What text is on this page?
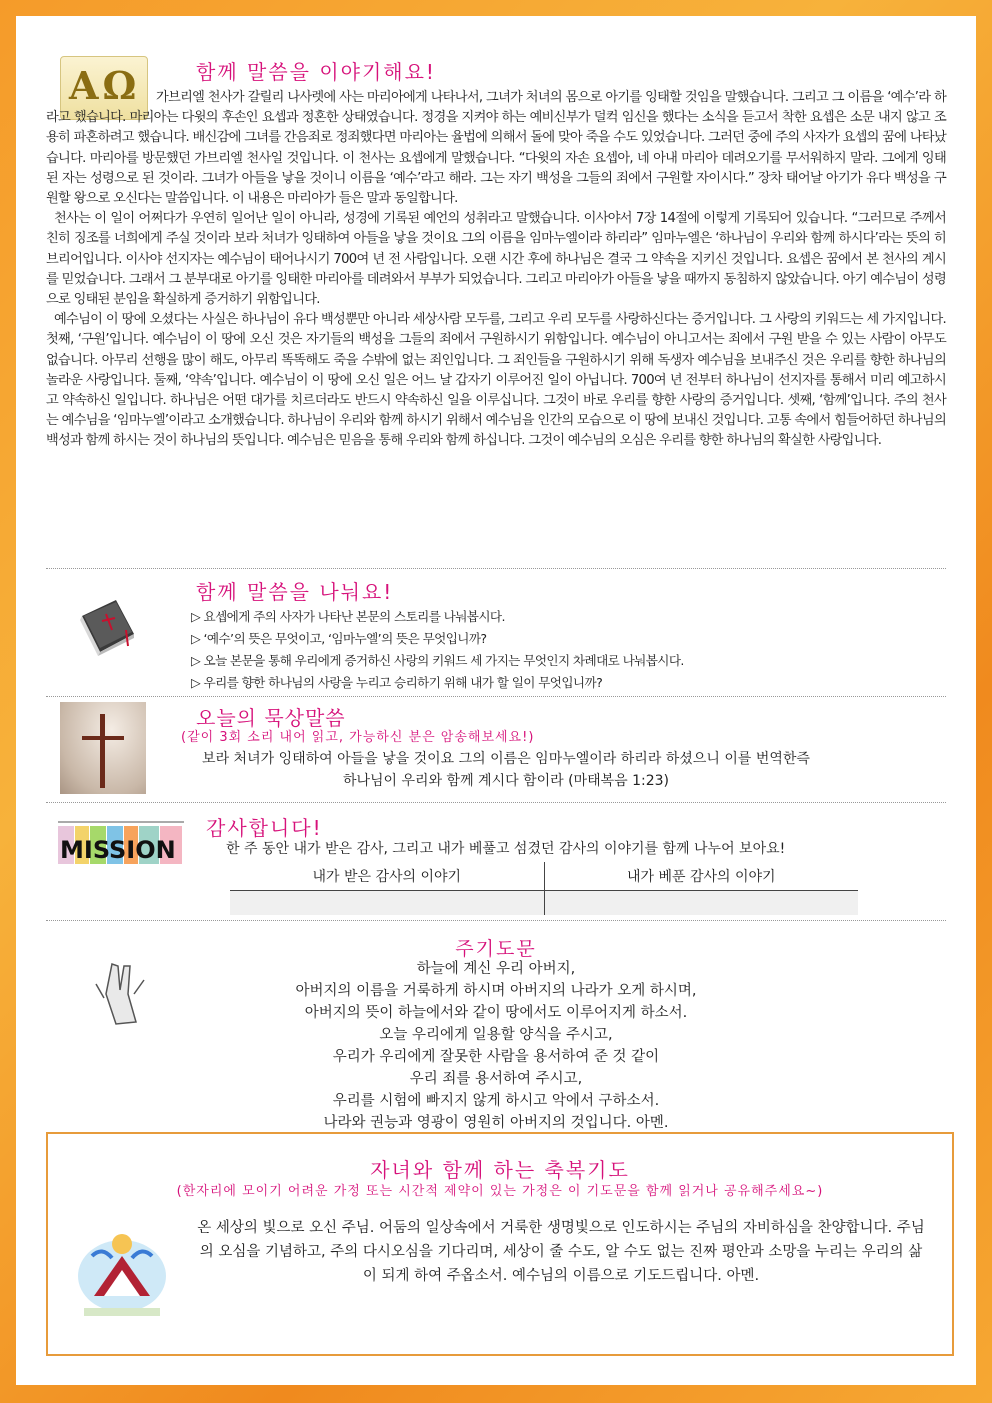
ΑΩ	함께 말씀을 이야기해요!
가브리엘 천사가 갈릴리 나사렛에 사는 마리아에게 나타나서, 그녀가 처녀의 몸으로 아기를 잉태할 것임을 말했습니다. 그리고 그 이름을 ‘예수’라 하라고 했습니다. 마리아는 다윗의 후손인 요셉과 정혼한 상태였습니다. 정경을 지켜야 하는 예비신부가 덜컥 임신을 했다는 소식을 듣고서 착한 요셉은 소문 내지 않고 조용히 파혼하려고 했습니다. 배신감에 그녀를 간음죄로 정죄했다면 마리아는 율법에 의해서 돌에 맞아 죽을 수도 있었습니다. 그러던 중에 주의 사자가 요셉의 꿈에 나타났습니다. 마리아를 방문했던 가브리엘 천사일 것입니다. 이 천사는 요셉에게 말했습니다. “다윗의 자손 요셉아, 네 아내 마리아 데려오기를 무서워하지 말라. 그에게 잉태된 자는 성령으로 된 것이라. 그녀가 아들을 낳을 것이니 이름을 ‘예수’라고 해라. 그는 자기 백성을 그들의 죄에서 구원할 자이시다.” 장차 태어날 아기가 유다 백성을 구원할 왕으로 오신다는 말씀입니다. 이 내용은 마리아가 들은 말과 동일합니다.
천사는 이 일이 어쩌다가 우연히 일어난 일이 아니라, 성경에 기록된 예언의 성취라고 말했습니다. 이사야서 7장 14절에 이렇게 기록되어 있습니다. “그러므로 주께서 친히 징조를 너희에게 주실 것이라 보라 처녀가 잉태하여 아들을 낳을 것이요 그의 이름을 임마누엘이라 하리라” 임마누엘은 ‘하나님이 우리와 함께 하시다’라는 뜻의 히브리어입니다. 이사야 선지자는 예수님이 태어나시기 700여 년 전 사람입니다. 오랜 시간 후에 하나님은 결국 그 약속을 지키신 것입니다. 요셉은 꿈에서 본 천사의 계시를 믿었습니다. 그래서 그 분부대로 아기를 잉태한 마리아를 데려와서 부부가 되었습니다. 그리고 마리아가 아들을 낳을 때까지 동침하지 않았습니다. 아기 예수님이 성령으로 잉태된 분임을 확실하게 증거하기 위함입니다.
예수님이 이 땅에 오셨다는 사실은 하나님이 유다 백성뿐만 아니라 세상사람 모두를, 그리고 우리 모두를 사랑하신다는 증거입니다. 그 사랑의 키워드는 세 가지입니다. 첫째, ‘구원’입니다. 예수님이 이 땅에 오신 것은 자기들의 백성을 그들의 죄에서 구원하시기 위함입니다. 예수님이 아니고서는 죄에서 구원 받을 수 있는 사람이 아무도 없습니다. 아무리 선행을 많이 해도, 아무리 똑똑해도 죽을 수밖에 없는 죄인입니다. 그 죄인들을 구원하시기 위해 독생자 예수님을 보내주신 것은 우리를 향한 하나님의 놀라운 사랑입니다. 둘째, ‘약속’입니다. 예수님이 이 땅에 오신 일은 어느 날 갑자기 이루어진 일이 아닙니다. 700여 년 전부터 하나님이 선지자를 통해서 미리 예고하시고 약속하신 일입니다. 하나님은 어떤 대가를 치르더라도 반드시 약속하신 일을 이루십니다. 그것이 바로 우리를 향한 사랑의 증거입니다. 셋째, ‘함께’입니다. 주의 천사는 예수님을 ‘임마누엘’이라고 소개했습니다. 하나님이 우리와 함께 하시기 위해서 예수님을 인간의 모습으로 이 땅에 보내신 것입니다. 고통 속에서 힘들어하던 하나님의 백성과 함께 하시는 것이 하나님의 뜻입니다. 예수님은 믿음을 통해 우리와 함께 하십니다. 그것이 예수님의 오심은 우리를 향한 하나님의 확실한 사랑입니다.
함께 말씀을 나눠요!
▷ 요셉에게 주의 사자가 나타난 본문의 스토리를 나눠봅시다.
▷ ‘예수’의 뜻은 무엇이고, ‘임마누엘’의 뜻은 무엇입니까?
▷ 오늘 본문을 통해 우리에게 증거하신 사랑의 키워드 세 가지는 무엇인지 차례대로 나눠봅시다.
▷ 우리를 향한 하나님의 사랑을 누리고 승리하기 위해 내가 할 일이 무엇입니까?
오늘의 묵상말씀
(같이 3회 소리 내어 읽고, 가능하신 분은 암송해보세요!)
보라 처녀가 잉태하여 아들을 낳을 것이요 그의 이름은 임마누엘이라 하리라 하셨으니 이를 번역한즉
하나님이 우리와 함께 계시다 함이라 (마태복음 1:23)
MISSION
감사합니다!
한 주 동안 내가 받은 감사, 그리고 내가 베풀고 섬겼던 감사의 이야기를 함께 나누어 보아요!
내가 받은 감사의 이야기	내가 베푼 감사의 이야기

주기도문
하늘에 계신 우리 아버지,
아버지의 이름을 거룩하게 하시며 아버지의 나라가 오게 하시며,
아버지의 뜻이 하늘에서와 같이 땅에서도 이루어지게 하소서.
오늘 우리에게 일용할 양식을 주시고,
우리가 우리에게 잘못한 사람을 용서하여 준 것 같이
우리 죄를 용서하여 주시고,
우리를 시험에 빠지지 않게 하시고 악에서 구하소서.
나라와 권능과 영광이 영원히 아버지의 것입니다. 아멘.
자녀와 함께 하는 축복기도
(한자리에 모이기 어려운 가정 또는 시간적 제약이 있는 가정은 이 기도문을 함께 읽거나 공유해주세요~)
온 세상의 빛으로 오신 주님. 어둠의 일상속에서 거룩한 생명빛으로 인도하시는 주님의 자비하심을 찬양합니다. 주님의 오심을 기념하고, 주의 다시오심을 기다리며, 세상이 줄 수도, 알 수도 없는 진짜 평안과 소망을 누리는 우리의 삶이 되게 하여 주옵소서. 예수님의 이름으로 기도드립니다. 아멘.
